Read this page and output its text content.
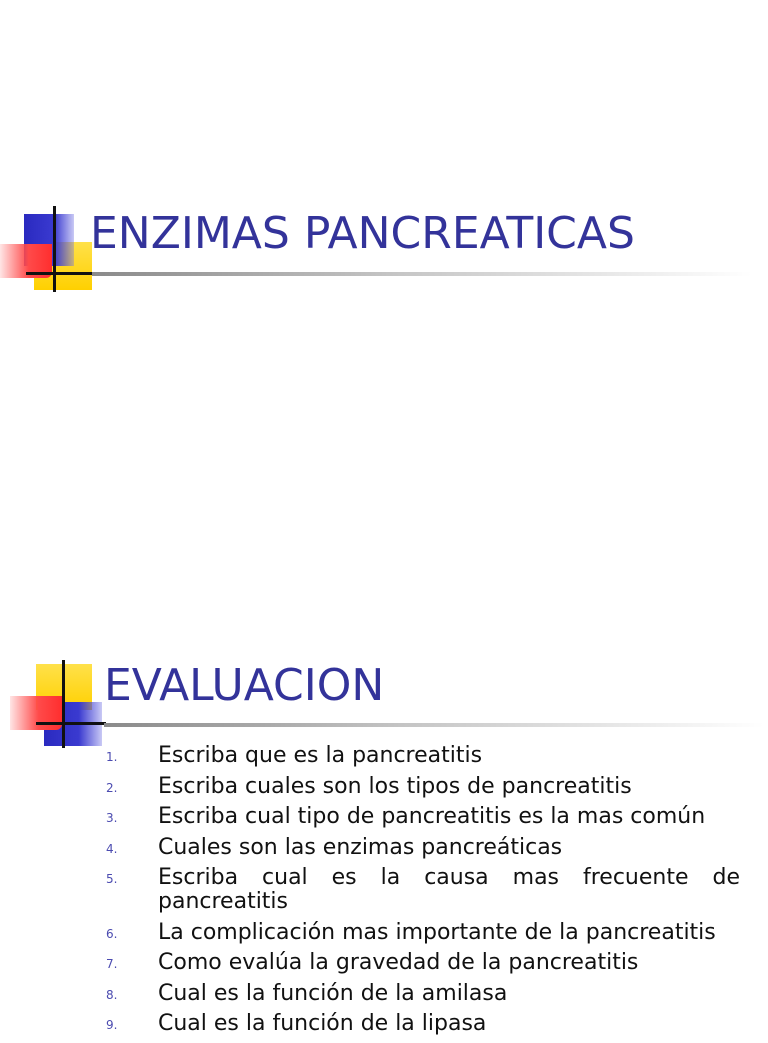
ENZIMAS PANCREATICAS
EVALUACION
1. Escriba que es la pancreatitis
2. Escriba cuales son los tipos de pancreatitis
3. Escriba cual tipo de pancreatitis es la mas común
4. Cuales son las enzimas pancreáticas
5. Escriba cual es la causa mas frecuente de pancreatitis
6. La complicación mas importante de la pancreatitis
7. Como evalúa la gravedad de la pancreatitis
8. Cual es la función de la amilasa
9. Cual es la función de la lipasa
